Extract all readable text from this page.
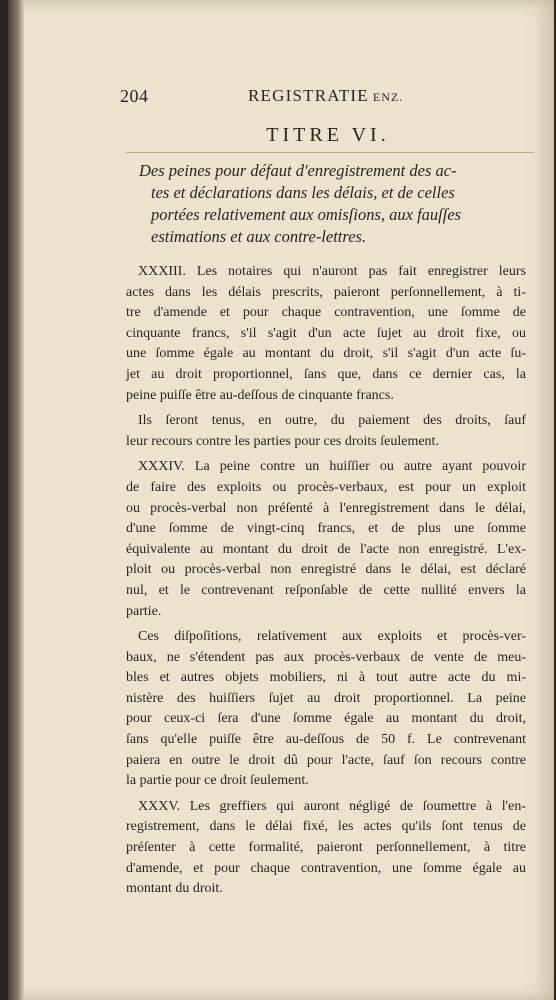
204	REGISTRATIE ENZ.
TITRE VI.
Des peines pour défaut d'enregistrement des ac-
tes et déclarations dans les délais, et de celles
portées relativement aux omisſions, aux fauſſes
estimations et aux contre-lettres.
XXXIII. Les notaires qui n'auront pas fait enregistrer leurs
actes dans les délais prescrits, paieront perſonnellement, à ti-
tre d'amende et pour chaque contravention, une ſomme de
cinquante francs, s'il s'agit d'un acte ſujet au droit fixe, ou
une ſomme égale au montant du droit, s'il s'agit d'un acte ſu-
jet au droit proportionnel, ſans que, dans ce dernier cas, la
peine puiſſe être au-deſſous de cinquante francs.
Ils ſeront tenus, en outre, du paiement des droits, ſauf
leur recours contre les parties pour ces droits ſeulement.
XXXIV. La peine contre un huiſſier ou autre ayant pouvoir
de faire des exploits ou procès-verbaux, est pour un exploit
ou procès-verbal non préſenté à l'enregistrement dans le délai,
d'une ſomme de vingt-cinq francs, et de plus une ſomme
équivalente au montant du droit de l'acte non enregistré. L'ex-
ploit ou procès-verbal non enregistré dans le délai, est déclaré
nul, et le contrevenant reſponſable de cette nullité envers la
partie.
Ces diſpoſitions, relativement aux exploits et procès-ver-
baux, ne s'étendent pas aux procès-verbaux de vente de meu-
bles et autres objets mobiliers, ni à tout autre acte du mi-
nistère des huiſſiers ſujet au droit proportionnel. La peine
pour ceux-ci ſera d'une ſomme égale au montant du droit,
ſans qu'elle puiſſe être au-deſſous de 50 f. Le contrevenant
paiera en outre le droit dû pour l'acte, ſauf ſon recours contre
la partie pour ce droit ſeulement.
XXXV. Les greffiers qui auront négligé de ſoumettre à l'en-
registrement, dans le délai fixé, les actes qu'ils ſont tenus de
préſenter à cette formalité, paieront perſonnellement, à titre
d'amende, et pour chaque contravention, une ſomme égale au
montant du droit.
